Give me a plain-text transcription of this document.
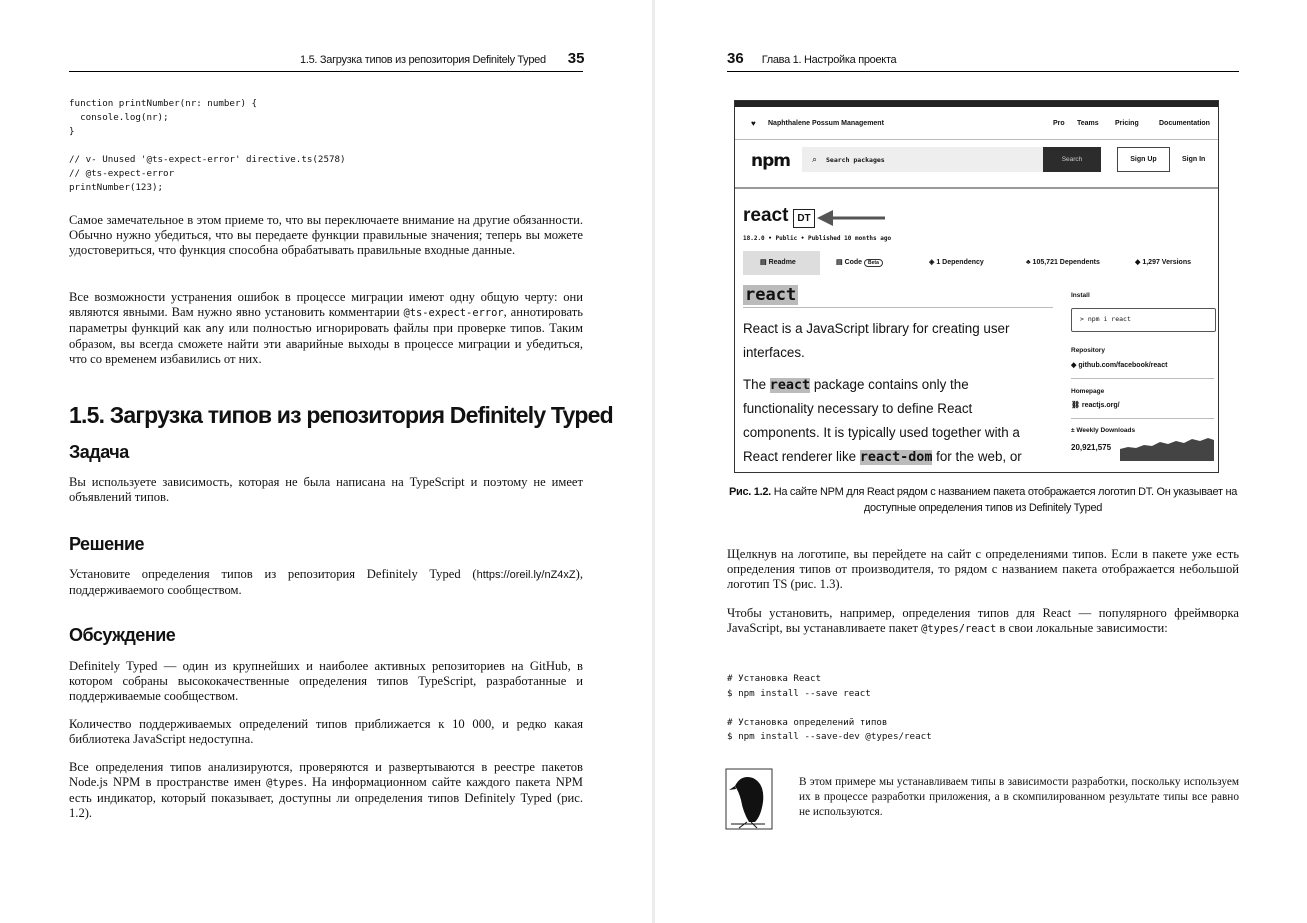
1.5. Загрузка типов из репозитория Definitely Typed 35
function printNumber(nr: number) {
console.log(nr);
}

// v- Unused '@ts-expect-error' directive.ts(2578)
// @ts-expect-error
printNumber(123);

Самое замечательное в этом приеме то, что вы переключаете внимание на другие обязанности. Обычно нужно убедиться, что вы передаете функции правильные значения; теперь вы можете удостовериться, что функция способна обрабатывать правильные входные данные.

Все возможности устранения ошибок в процессе миграции имеют одну общую черту: они являются явными. Вам нужно явно установить комментарии @ts-expect-error, аннотировать параметры функций как any или полностью игнорировать файлы при проверке типов. Таким образом, вы всегда сможете найти эти аварийные выходы в процессе миграции и убедиться, что со временем избавились от них.

1.5. Загрузка типов из репозитория Definitely Typed
Задача

Вы используете зависимость, которая не была написана на TypeScript и поэтому не имеет объявлений типов.

Решение

Установите определения типов из репозитория Definitely Typed (https://oreil.ly/nZ4xZ), поддерживаемого сообществом.

Обсуждение

Definitely Typed — один из крупнейших и наиболее активных репозиториев на GitHub, в котором собраны высококачественные определения типов TypeScript, разработанные и поддерживаемые сообществом.

Количество поддерживаемых определений типов приближается к 10 000, и редко какая библиотека JavaScript недоступна.

Все определения типов анализируются, проверяются и развертываются в реестре пакетов Node.js NPM в пространстве имен @types. На информационном сайте каждого пакета NPM есть индикатор, который показывает, доступны ли определения типов Definitely Typed (рис. 1.2).

36 Глава 1. Настройка проекта
♥ Naphthalene Possum Management	Pro Teams Pricing	Documentation
npm ⌕ Search packages	Search	Sign Up	Sign In
react DT
18.2.0 • Public • Published 10 months ago
▤ Readme	▤ Code Beta	◈ 1 Dependency	♣ 105,721 Dependents	◆ 1,297 Versions
react
React is a JavaScript library for creating user
interfaces.
The react package contains only the
functionality necessary to define React
components. It is typically used together with a
React renderer like react-dom for the web, or
Install
> npm i react
Repository
◆ github.com/facebook/react
Homepage
⛓ reactjs.org/
± Weekly Downloads
20,921,575

Рис. 1.2. На сайте NPM для React рядом с названием пакета отображается логотип DT. Он указывает на доступные определения типов из Definitely Typed

Щелкнув на логотипе, вы перейдете на сайт с определениями типов. Если в пакете уже есть определения типов от производителя, то рядом с названием пакета отображается небольшой логотип TS (рис. 1.3).

Чтобы установить, например, определения типов для React — популярного фреймворка JavaScript, вы устанавливаете пакет @types/react в свои локальные зависимости:

# Установка React
$ npm install --save react

# Установка определений типов
$ npm install --save-dev @types/react

В этом примере мы устанавливаем типы в зависимости разработки, поскольку используем их в процессе разработки приложения, а в скомпилированном результате типы все равно не используются.
